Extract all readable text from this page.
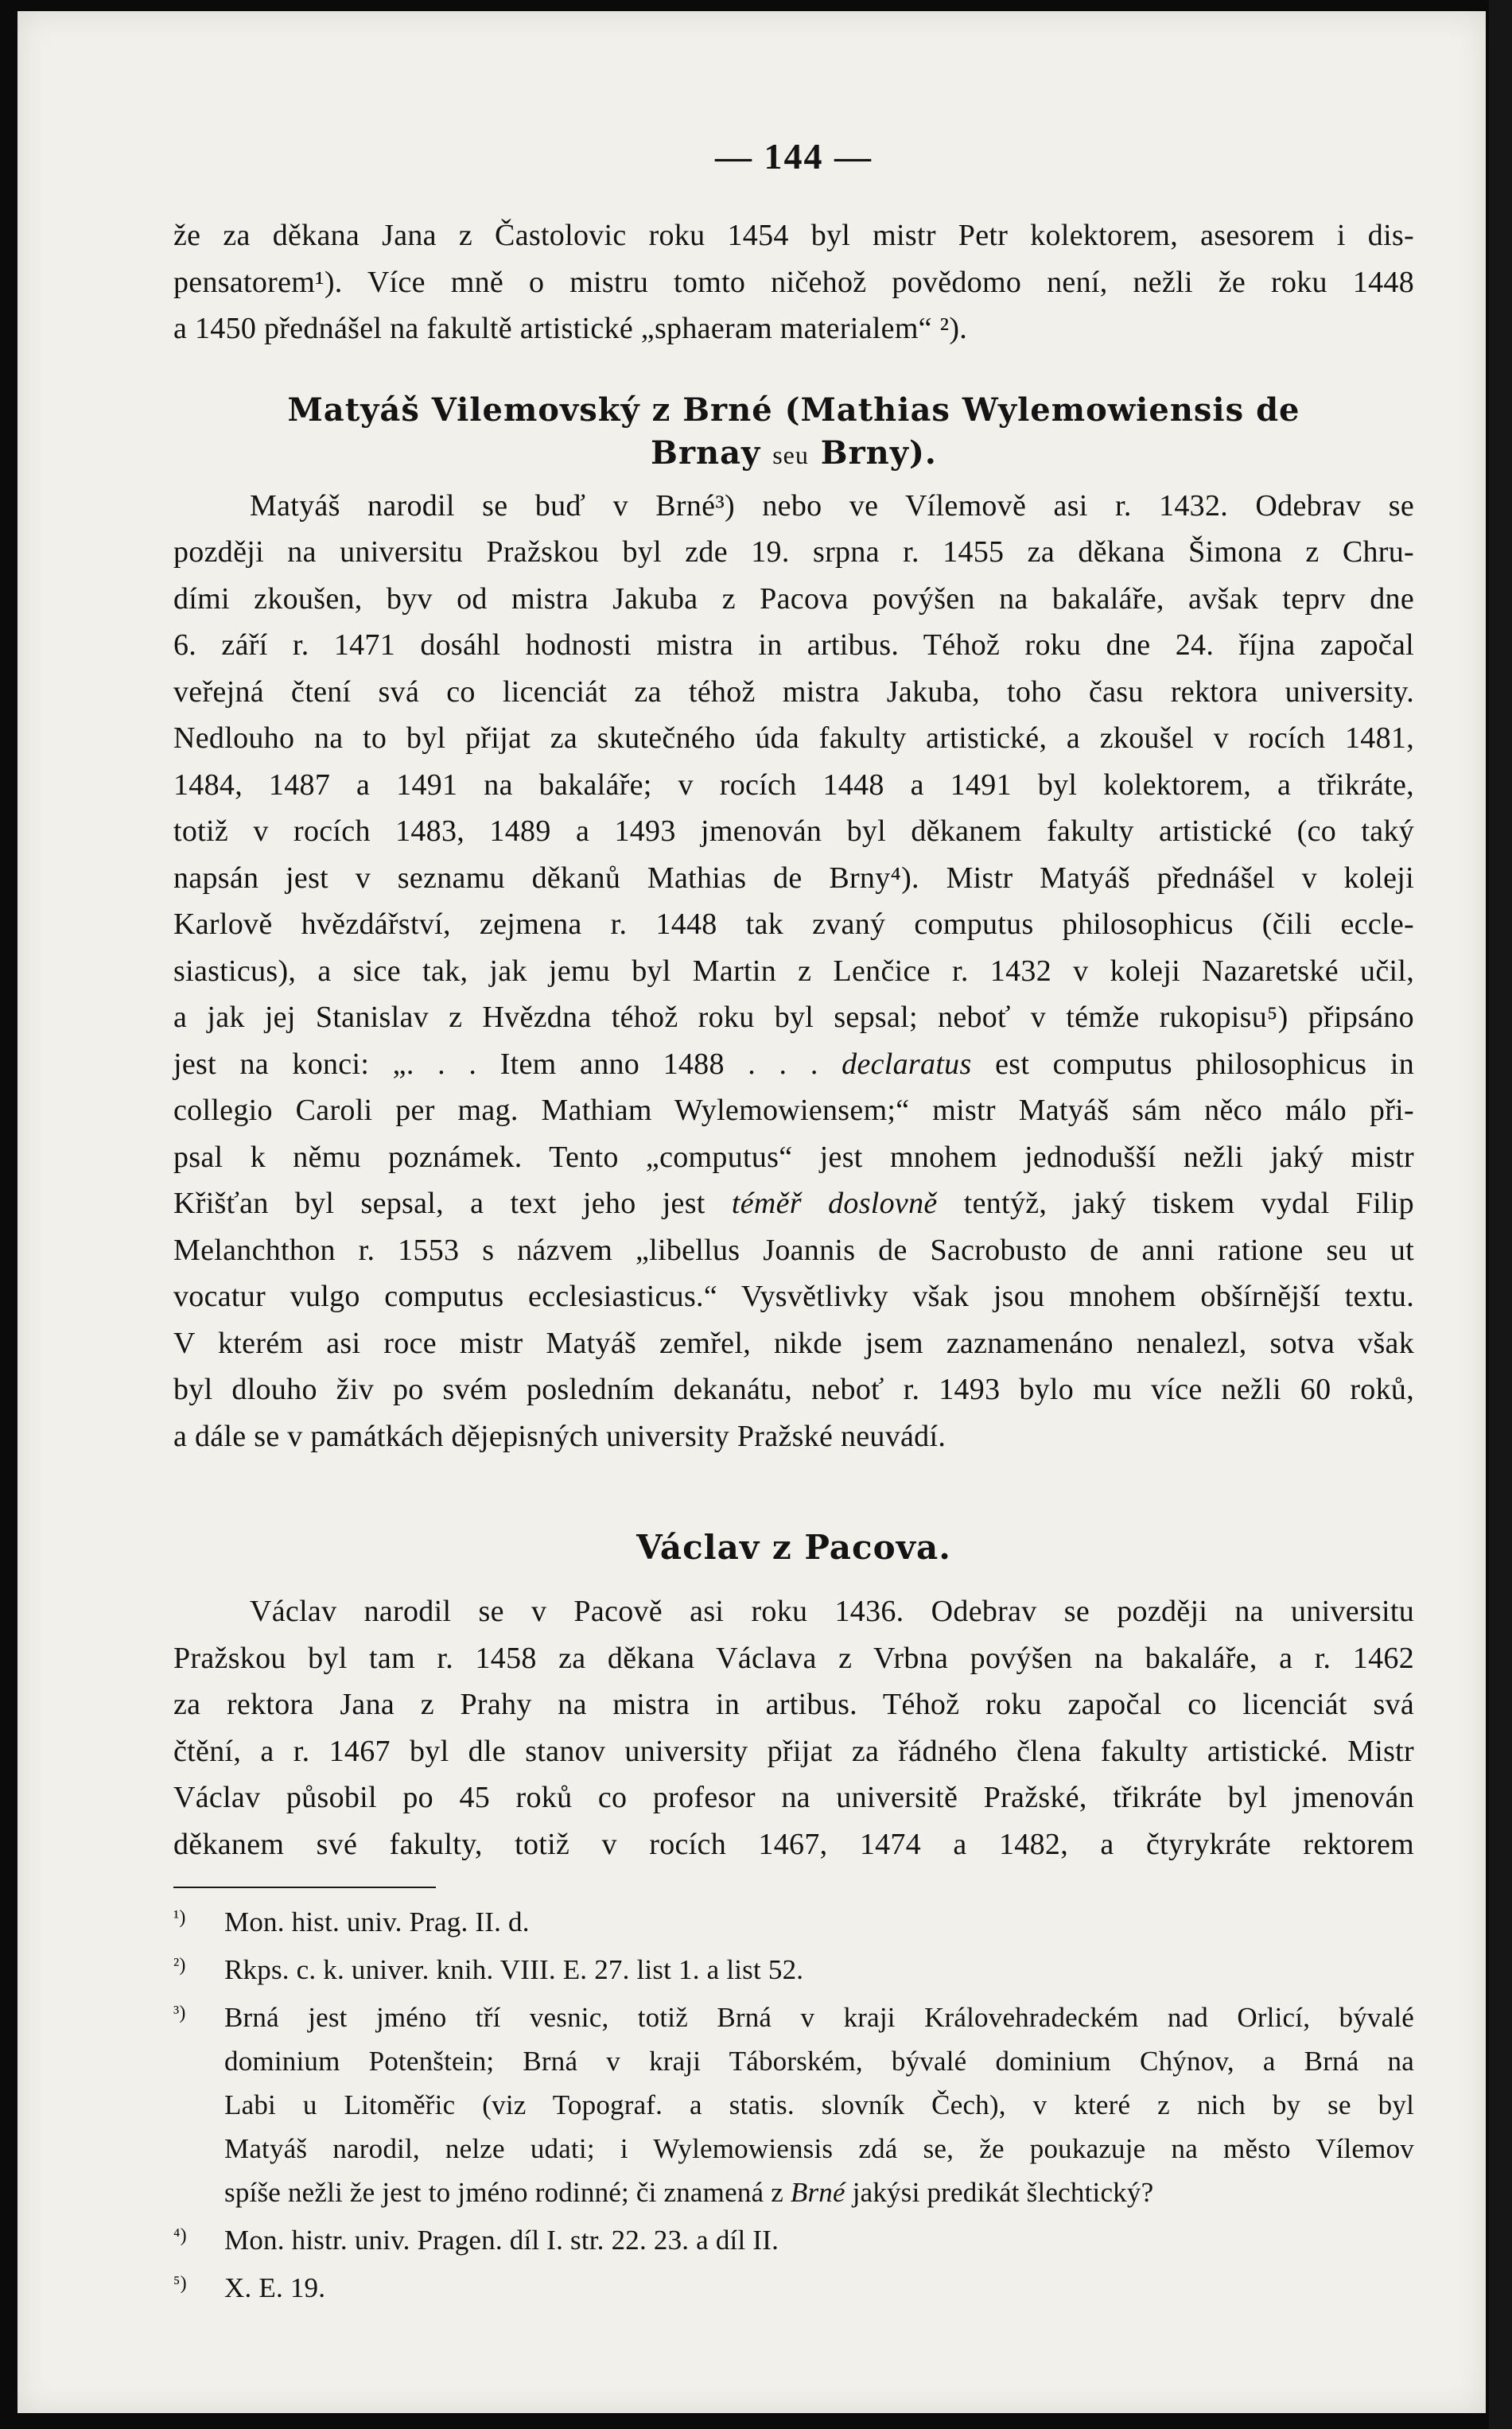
— 144 —
že za děkana Jana z Častolovic roku 1454 byl mistr Petr kolektorem, asesorem i dis-
pensatorem¹). Více mně o mistru tomto ničehož povědomo není, nežli že roku 1448
a 1450 přednášel na fakultě artistické „sphaeram materialem“ ²).
Matyáš Vilemovský z Brné (Mathias Wylemowiensis de
Brnay seu Brny).
Matyáš narodil se buď v Brné³) nebo ve Vílemově asi r. 1432. Odebrav se
později na universitu Pražskou byl zde 19. srpna r. 1455 za děkana Šimona z Chru-
dími zkoušen, byv od mistra Jakuba z Pacova povýšen na bakaláře, avšak teprv dne
6. září r. 1471 dosáhl hodnosti mistra in artibus. Téhož roku dne 24. října započal
veřejná čtení svá co licenciát za téhož mistra Jakuba, toho času rektora university.
Nedlouho na to byl přijat za skutečného úda fakulty artistické, a zkoušel v rocích 1481,
1484, 1487 a 1491 na bakaláře; v rocích 1448 a 1491 byl kolektorem, a třikráte,
totiž v rocích 1483, 1489 a 1493 jmenován byl děkanem fakulty artistické (co taký
napsán jest v seznamu děkanů Mathias de Brny⁴). Mistr Matyáš přednášel v koleji
Karlově hvězdářství, zejmena r. 1448 tak zvaný computus philosophicus (čili eccle-
siasticus), a sice tak, jak jemu byl Martin z Lenčice r. 1432 v koleji Nazaretské učil,
a jak jej Stanislav z Hvězdna téhož roku byl sepsal; neboť v témže rukopisu⁵) připsáno
jest na konci: „. . . Item anno 1488 . . . declaratus est computus philosophicus in
collegio Caroli per mag. Mathiam Wylemowiensem;“ mistr Matyáš sám něco málo při-
psal k němu poznámek. Tento „computus“ jest mnohem jednodušší nežli jaký mistr
Křišťan byl sepsal, a text jeho jest téměř doslovně tentýž, jaký tiskem vydal Filip
Melanchthon r. 1553 s názvem „libellus Joannis de Sacrobusto de anni ratione seu ut
vocatur vulgo computus ecclesiasticus.“ Vysvětlivky však jsou mnohem obšírnější textu.
V kterém asi roce mistr Matyáš zemřel, nikde jsem zaznamenáno nenalezl, sotva však
byl dlouho živ po svém posledním dekanátu, neboť r. 1493 bylo mu více nežli 60 roků,
a dále se v památkách dějepisných university Pražské neuvádí.
Václav z Pacova.
Václav narodil se v Pacově asi roku 1436. Odebrav se později na universitu
Pražskou byl tam r. 1458 za děkana Václava z Vrbna povýšen na bakaláře, a r. 1462
za rektora Jana z Prahy na mistra in artibus. Téhož roku započal co licenciát svá
čtění, a r. 1467 byl dle stanov university přijat za řádného člena fakulty artistické. Mistr
Václav působil po 45 roků co profesor na universitě Pražské, třikráte byl jmenován
děkanem své fakulty, totiž v rocích 1467, 1474 a 1482, a čtyrykráte rektorem
¹) Mon. hist. univ. Prag. II. d.
²) Rkps. c. k. univer. knih. VIII. E. 27. list 1. a list 52.
³) Brná jest jméno tří vesnic, totiž Brná v kraji Královehradeckém nad Orlicí, bývalé
dominium Potenštein; Brná v kraji Táborském, bývalé dominium Chýnov, a Brná na
Labi u Litoměřic (viz Topograf. a statis. slovník Čech), v které z nich by se byl
Matyáš narodil, nelze udati; i Wylemowiensis zdá se, že poukazuje na město Vílemov
spíše nežli že jest to jméno rodinné; či znamená z Brné jakýsi predikát šlechtický?
⁴) Mon. histr. univ. Pragen. díl I. str. 22. 23. a díl II.
⁵) X. E. 19.
